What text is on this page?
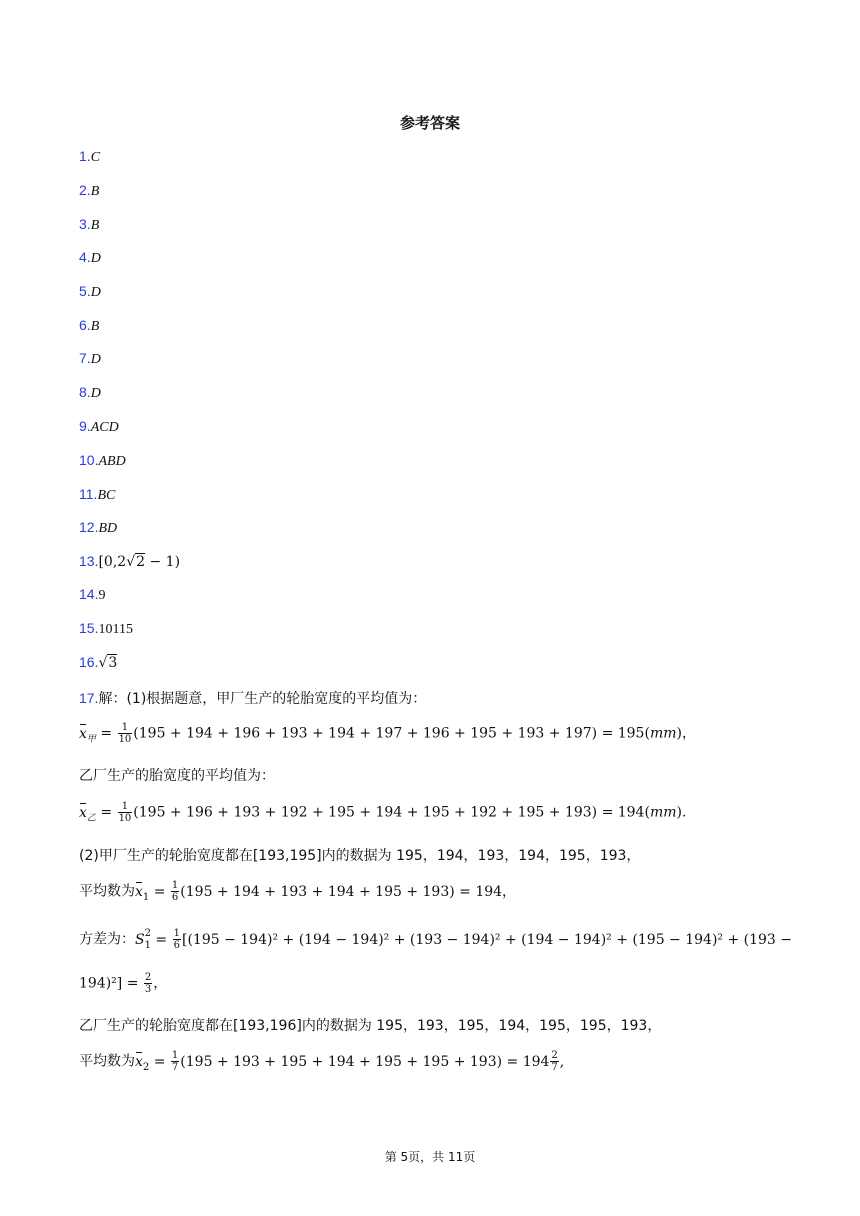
参考答案
1.C
2.B
3.B
4.D
5.D
6.B
7.D
8.D
9.ACD
10.ABD
11.BC
12.BD
14.9
15.10115
13.[0,2√2 − 1)
16.√3
17.解：(1)根据题意，甲厂生产的轮胎宽度的平均值为：
$x_甲 = \frac{1}{10} (195 + 194 + 196 + 193 + 194 + 197 + 196 + 195 + 193 + 197) = 195(mm)$，
乙厂生产的胎宽度的平均值为：
$x_乙 = \frac{1}{10} (195 + 196 + 193 + 192 + 195 + 194 + 195 + 192 + 195 + 193) = 194(mm)$.
(2)甲厂生产的轮胎宽度都在[193,195]内的数据为 195，194，193，194，195，193，
平均数为$x_1 = \frac{1}{6} (195 + 194 + 193 + 194 + 195 + 193) = 194$，
方差为：S $_{2 1} = \frac{1}{6} [(195 - 194)^2 + (194 - 194)^2 + (193 - 194)^2 + (194 - 194)^2 + (195 - 194)^2 + (193$ −
$194)^2] = \frac{2}{3}$ ，
乙厂生产的轮胎宽度都在[193,196]内的数据为 195，193，195，194，195，195，193，
平均数为$x_2 = \frac{1}{7} (195 + 193 + 195 + 194 + 195 + 195 + 193) = 194 \frac{2}{7}$ ,
第 5页，共 11页
